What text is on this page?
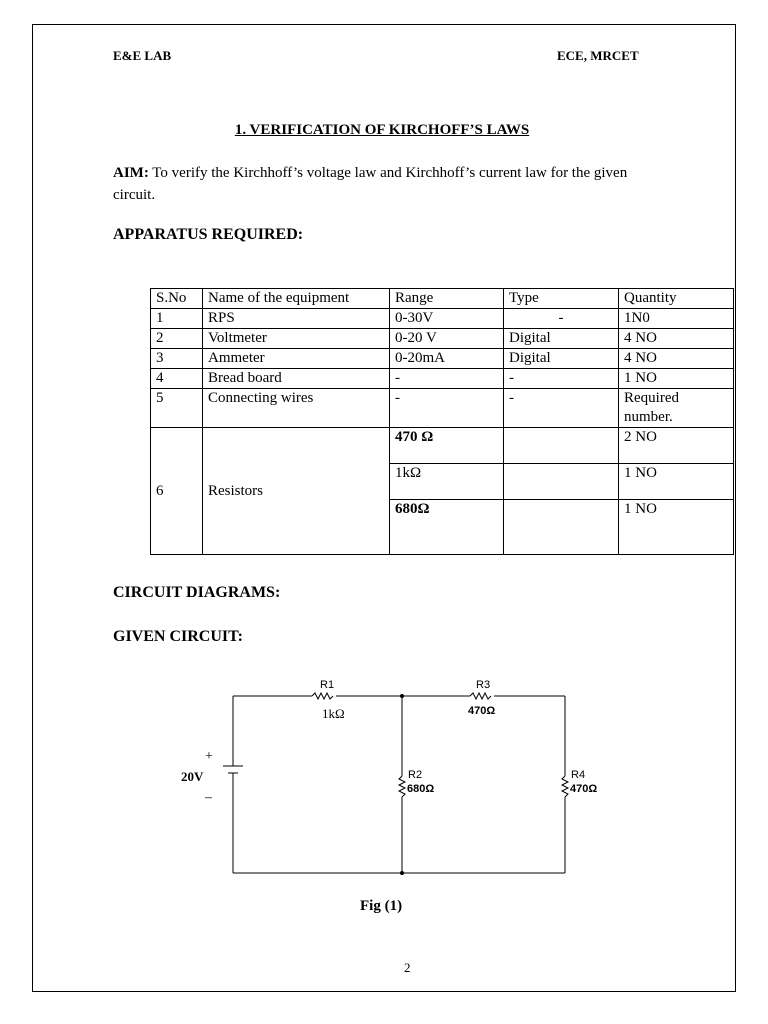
E&E LAB	ECE, MRCET
1. VERIFICATION OF KIRCHOFF’S LAWS
AIM: To verify the Kirchhoff’s voltage law and Kirchhoff’s current law for the given circuit.
APPARATUS REQUIRED:
S.No	Name of the equipment	Range	Type	Quantity
1	RPS	0-30V	-	1N0
2	Voltmeter	0-20 V	Digital	4 NO
3	Ammeter	0-20mA	Digital	4 NO
4	Bread board	-	-	1 NO
5	Connecting wires	-	-	Required number.
6	Resistors	470 Ω		2 NO
		1kΩ		1 NO
		680Ω		1 NO
CIRCUIT DIAGRAMS:
GIVEN CIRCUIT:
R1
1kΩ
R3
470Ω
R2
680Ω
R4
470Ω
20V
+
–
Fig (1)
2
